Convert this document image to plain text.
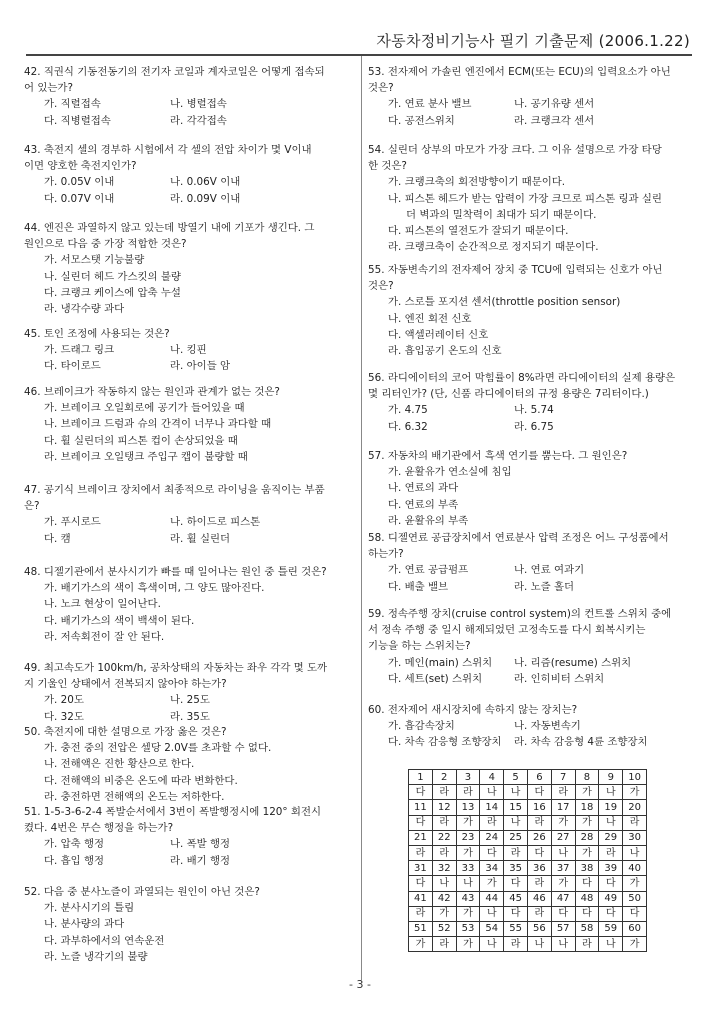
자동차정비기능사 필기 기출문제 (2006.1.22)
42. 직권식 기동전동기의 전기자 코일과 계자코일은 어떻게 접속되
어 있는가?
가. 직렬접속	나. 병렬접속
다. 직병렬접속	라. 각각접속
43. 축전지 셀의 경부하 시험에서 각 셀의 전압 차이가 몇 V이내
이면 양호한 축전지인가?
가. 0.05V 이내	나. 0.06V 이내
다. 0.07V 이내	라. 0.09V 이내
44. 엔진은 과열하지 않고 있는데 방열기 내에 기포가 생긴다. 그
원인으로 다음 중 가장 적합한 것은?
가. 서모스탯 기능불량
나. 실린더 헤드 가스킷의 불량
다. 크랭크 케이스에 압축 누설
라. 냉각수량 과다
45. 토인 조정에 사용되는 것은?
가. 드래그 링크	나. 킹핀
다. 타이로드	라. 아이들 암
46. 브레이크가 작동하지 않는 원인과 관계가 없는 것은?
가. 브레이크 오일회로에 공기가 들어있을 때
나. 브레이크 드럼과 슈의 간격이 너무나 과다할 때
다. 휠 실린더의 피스톤 컵이 손상되었을 때
라. 브레이크 오일탱크 주입구 캡이 불량할 때
47. 공기식 브레이크 장치에서 최종적으로 라이닝을 움직이는 부품
은?
가. 푸시로드	나. 하이드로 피스톤
다. 캠	라. 휠 실린더
48. 디젤기관에서 분사시기가 빠를 때 일어나는 원인 중 틀린 것은?
가. 배기가스의 색이 흑색이며, 그 양도 많아진다.
나. 노크 현상이 일어난다.
다. 배기가스의 색이 백색이 된다.
라. 저속회전이 잘 안 된다.
49. 최고속도가 100km/h, 공차상태의 자동차는 좌우 각각 몇 도까
지 기울인 상태에서 전복되지 않아야 하는가?
가. 20도	나. 25도
다. 32도	라. 35도
50. 축전지에 대한 설명으로 가장 옳은 것은?
가. 충전 중의 전압은 셀당 2.0V를 초과할 수 없다.
나. 전해액은 진한 황산으로 한다.
다. 전해액의 비중은 온도에 따라 변화한다.
라. 충전하면 전해액의 온도는 저하한다.
51. 1-5-3-6-2-4 폭발순서에서 3번이 폭발행정시에 120° 회전시
켰다. 4번은 무슨 행정을 하는가?
가. 압축 행정	나. 폭발 행정
다. 흡입 행정	라. 배기 행정
52. 다음 중 분사노즐이 과열되는 원인이 아닌 것은?
가. 분사시기의 틀림
나. 분사량의 과다
다. 과부하에서의 연속운전
라. 노즐 냉각기의 불량
53. 전자제어 가솔린 엔진에서 ECM(또는 ECU)의 입력요소가 아닌
것은?
가. 연료 분사 밸브	나. 공기유량 센서
다. 공전스위치	라. 크랭크각 센서
54. 실린더 상부의 마모가 가장 크다. 그 이유 설명으로 가장 타당
한 것은?
가. 크랭크축의 회전방향이기 때문이다.
나. 피스톤 헤드가 받는 압력이 가장 크므로 피스톤 링과 실린
더 벽과의 밀착력이 최대가 되기 때문이다.
다. 피스톤의 열전도가 잘되기 때문이다.
라. 크랭크축이 순간적으로 정지되기 때문이다.
55. 자동변속기의 전자제어 장치 중 TCU에 입력되는 신호가 아닌
것은?
가. 스로틀 포지션 센서(throttle position sensor)
나. 엔진 회전 신호
다. 액셀러레이터 신호
라. 흡입공기 온도의 신호
56. 라디에이터의 코어 막힘률이 8%라면 라디에이터의 실제 용량은
몇 리터인가? (단, 신품 라디에이터의 규정 용량은 7리터이다.)
가. 4.75	나. 5.74
다. 6.32	라. 6.75
57. 자동차의 배기관에서 흑색 연기를 뿜는다. 그 원인은?
가. 윤활유가 연소실에 침입
나. 연료의 과다
다. 연료의 부족
라. 윤활유의 부족
58. 디젤연료 공급장치에서 연료분사 압력 조정은 어느 구성품에서
하는가?
가. 연료 공급펌프	나. 연료 여과기
다. 배출 밸브	라. 노즐 홀더
59. 정속주행 장치(cruise control system)의 컨트롤 스위치 중에
서 정속 주행 중 일시 해제되었던 고정속도를 다시 회복시키는
기능을 하는 스위치는?
가. 메인(main) 스위치	나. 리즘(resume) 스위치
다. 세트(set) 스위치	라. 인히비터 스위치
60. 전자제어 새시장치에 속하지 않는 장치는?
가. 흡감속장치	나. 자동변속기
다. 차속 감응형 조향장치	라. 차속 감응형 4륜 조향장치
1	2	3	4	5	6	7	8	9	10
다	라	라	나	나	다	라	가	나	가
11	12	13	14	15	16	17	18	19	20
다	라	가	라	나	라	가	가	나	라
21	22	23	24	25	26	27	28	29	30
라	라	가	다	라	다	나	가	라	나
31	32	33	34	35	36	37	38	39	40
다	나	나	가	다	라	가	다	다	가
41	42	43	44	45	46	47	48	49	50
라	가	가	나	다	라	다	다	다	다
51	52	53	54	55	56	57	58	59	60
가	라	가	나	라	나	나	라	나	가
- 3 -
